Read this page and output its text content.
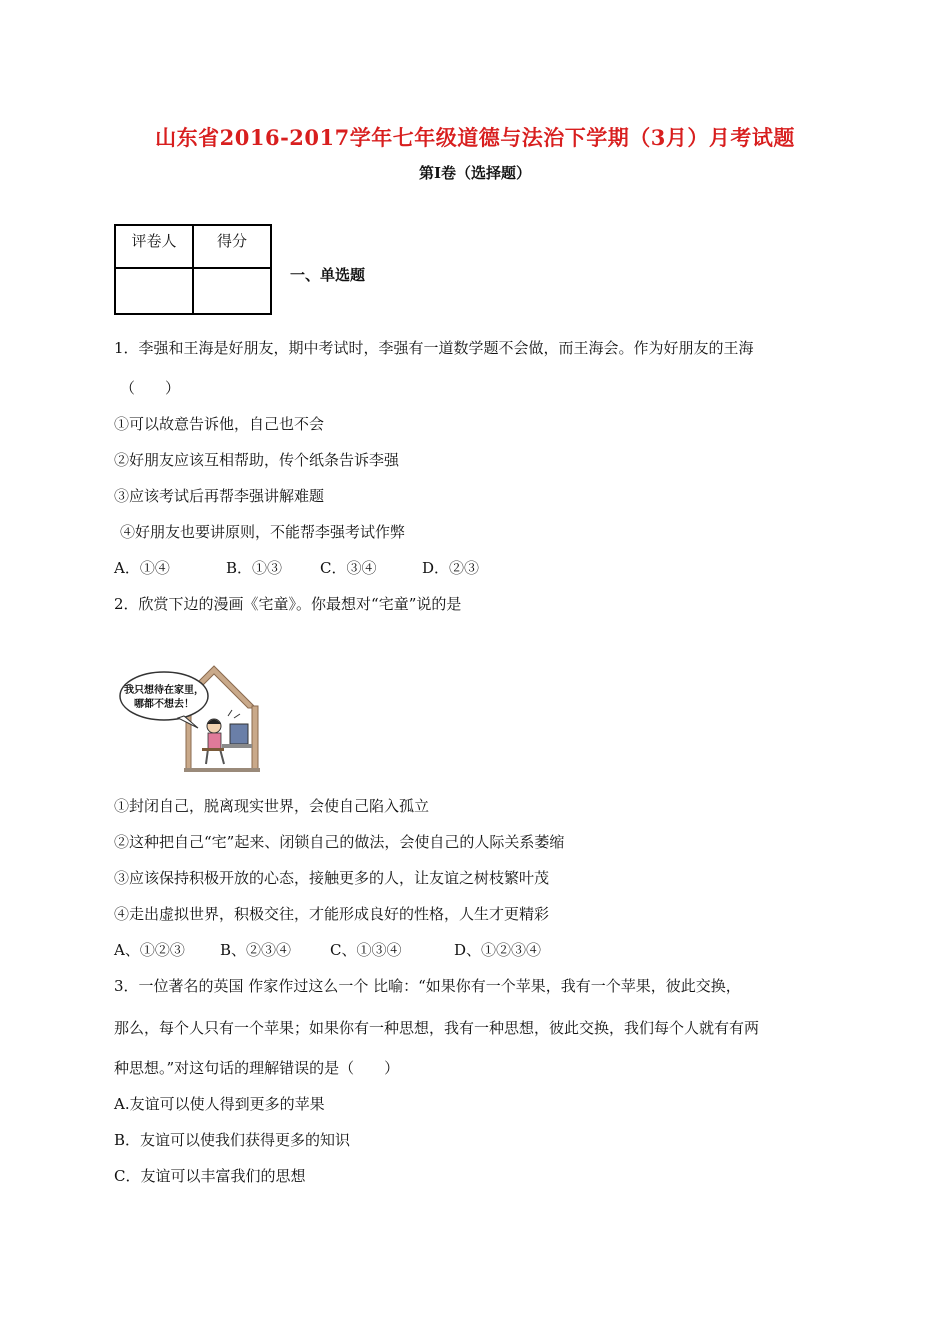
山东省2016-2017学年七年级道德与法治下学期（3月）月考试题
第Ⅰ卷（选择题）
评卷人	得分

一、单选题
1．李强和王海是好朋友，期中考试时，李强有一道数学题不会做，而王海会。作为好朋友的王海
（　　）
①可以故意告诉他，自己也不会
②好朋友应该互相帮助，传个纸条告诉李强
③应该考试后再帮李强讲解难题
④好朋友也要讲原则，不能帮李强考试作弊
A．①④	B．①③	C．③④	D．②③
2．欣赏下边的漫画《宅童》。你最想对“宅童”说的是
我只想待在家里，
哪都不想去！
①封闭自己，脱离现实世界，会使自己陷入孤立
②这种把自己“宅”起来、闭锁自己的做法，会使自己的人际关系萎缩
③应该保持积极开放的心态，接触更多的人，让友谊之树枝繁叶茂
④走出虚拟世界，积极交往，才能形成良好的性格，人生才更精彩
A、①②③ B、②③④	C、①③④	D、①②③④
3．一位著名的英国 作家作过这么一个 比喻：“如果你有一个苹果，我有一个苹果，彼此交换，
那么，每个人只有一个苹果；如果你有一种思想，我有一种思想，彼此交换，我们每个人就有有两
种思想。”对这句话的理解错误的是（　　）
A.友谊可以使人得到更多的苹果
B．友谊可以使我们获得更多的知识
C．友谊可以丰富我们的思想
